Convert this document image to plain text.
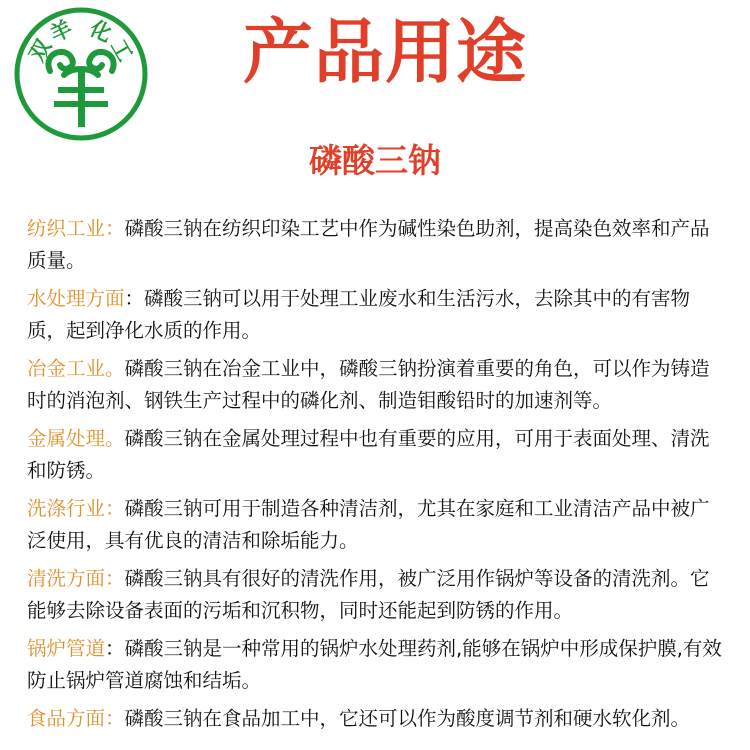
双
羊 化
工	产品用途
磷酸三钠
纺织工业：磷酸三钠在纺织印染工艺中作为碱性染色助剂，提高染色效率和产品质量。
水处理方面：磷酸三钠可以用于处理工业废水和生活污水，去除其中的有害物质，起到净化水质的作用。
冶金工业。磷酸三钠在冶金工业中，磷酸三钠扮演着重要的角色，可以作为铸造时的消泡剂、钢铁生产过程中的磷化剂、制造钼酸铅时的加速剂等。
金属处理。磷酸三钠在金属处理过程中也有重要的应用，可用于表面处理、清洗和防锈。
洗涤行业：磷酸三钠可用于制造各种清洁剂，尤其在家庭和工业清洁产品中被广泛使用，具有优良的清洁和除垢能力。
清洗方面：磷酸三钠具有很好的清洗作用，被广泛用作锅炉等设备的清洗剂。它能够去除设备表面的污垢和沉积物，同时还能起到防锈的作用。
锅炉管道：磷酸三钠是一种常用的锅炉水处理药剂,能够在锅炉中形成保护膜,有效防止锅炉管道腐蚀和结垢。
食品方面：磷酸三钠在食品加工中，它还可以作为酸度调节剂和硬水软化剂。
